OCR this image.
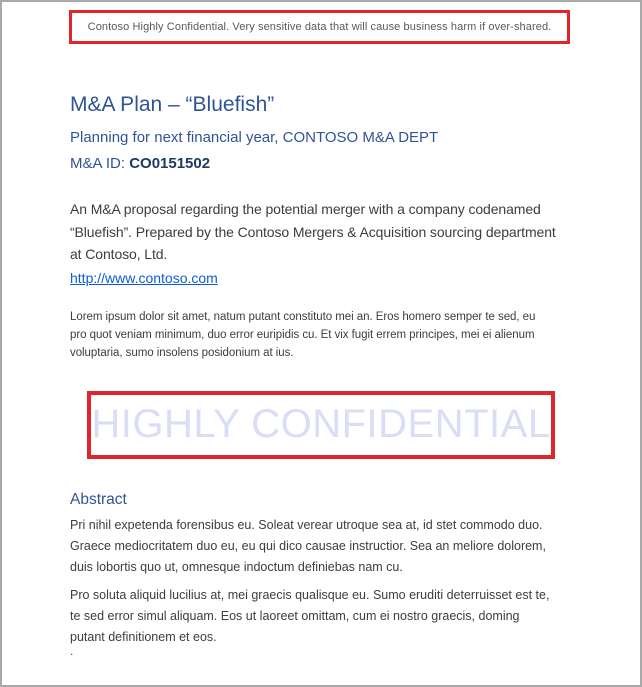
Contoso Highly Confidential. Very sensitive data that will cause business harm if over-shared.
M&A Plan – “Bluefish”
Planning for next financial year, CONTOSO M&A DEPT
M&A ID: CO0151502

An M&A proposal regarding the potential merger with a company codenamed
“Bluefish”. Prepared by the Contoso Mergers & Acquisition sourcing department
at Contoso, Ltd.

http://www.contoso.com

Lorem ipsum dolor sit amet, natum putant constituto mei an. Eros homero semper te sed, eu
pro quot veniam minimum, duo error euripidis cu. Et vix fugit errem principes, mei ei alienum
voluptaria, sumo insolens posidonium at ius.

HIGHLY CONFIDENTIAL
Abstract

Pri nihil expetenda forensibus eu. Soleat verear utroque sea at, id stet commodo duo.
Graece mediocritatem duo eu, eu qui dico causae instructior. Sea an meliore dolorem,
duis lobortis quo ut, omnesque indoctum definiebas nam cu.

Pro soluta aliquid lucilius at, mei graecis qualisque eu. Sumo eruditi deterruisset est te,
te sed error simul aliquam. Eos ut laoreet omittam, cum ei nostro graecis, doming
putant definitionem et eos.

.
